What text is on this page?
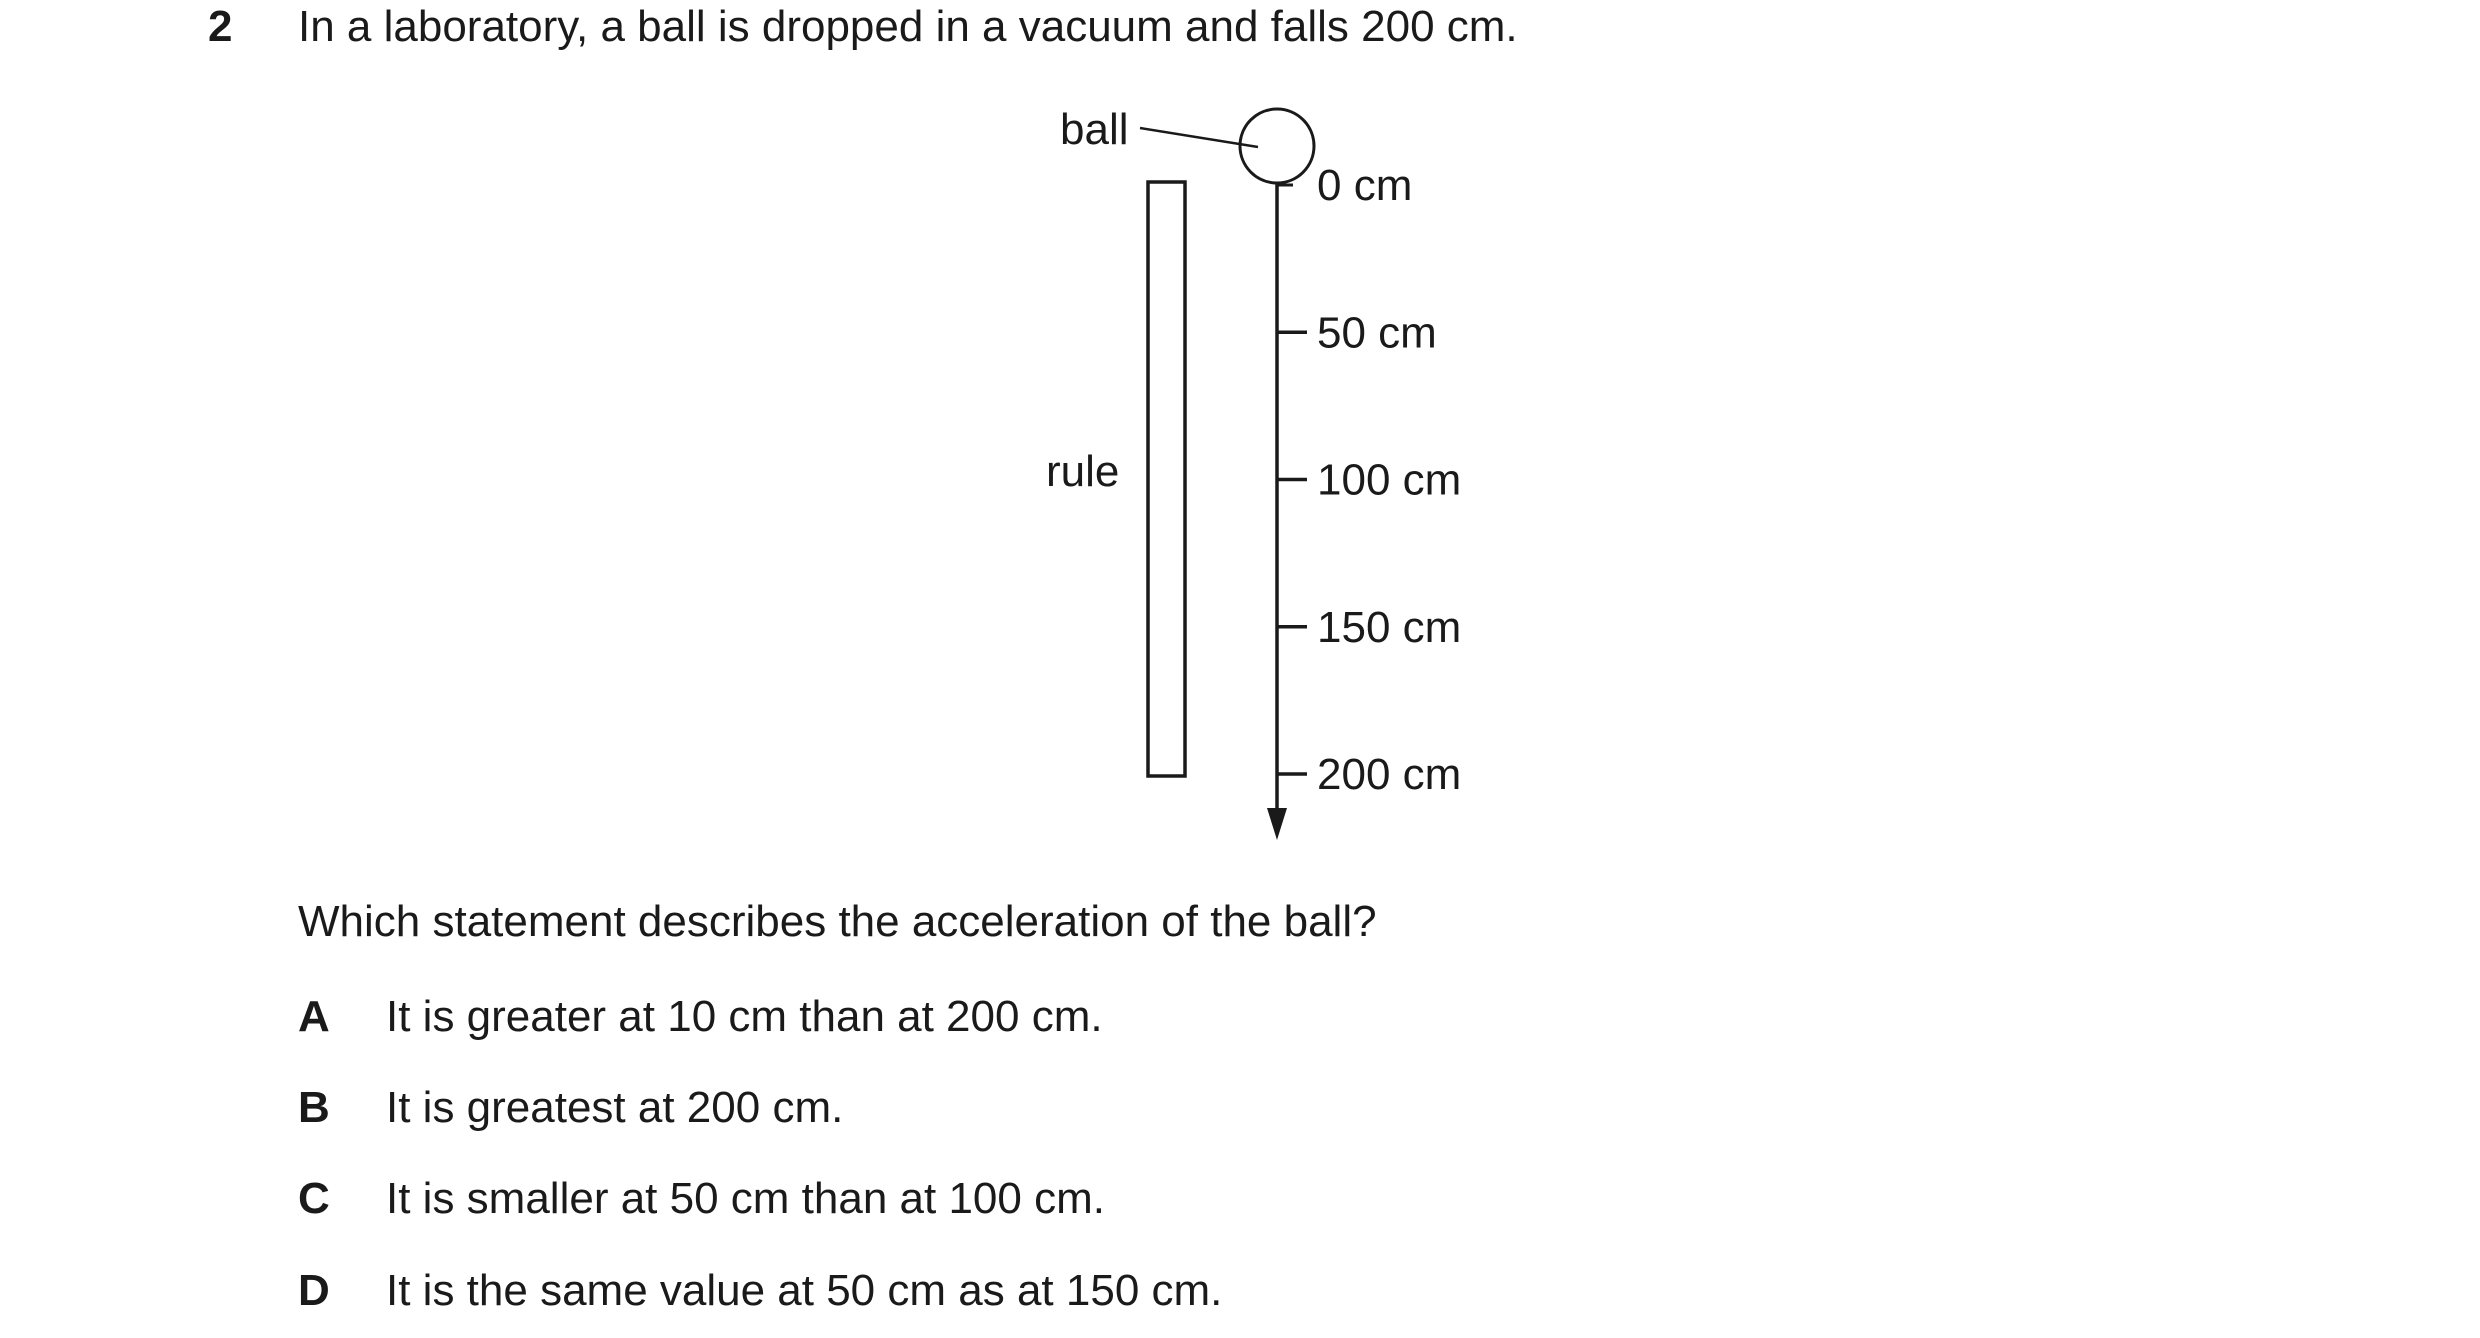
2 In a laboratory, a ball is dropped in a vacuum and falls 200 cm.
ball
rule
0 cm
50 cm
100 cm
150 cm
200 cm
Which statement describes the acceleration of the ball?
A It is greater at 10 cm than at 200 cm.
B It is greatest at 200 cm.
C It is smaller at 50 cm than at 100 cm.
D It is the same value at 50 cm as at 150 cm.
